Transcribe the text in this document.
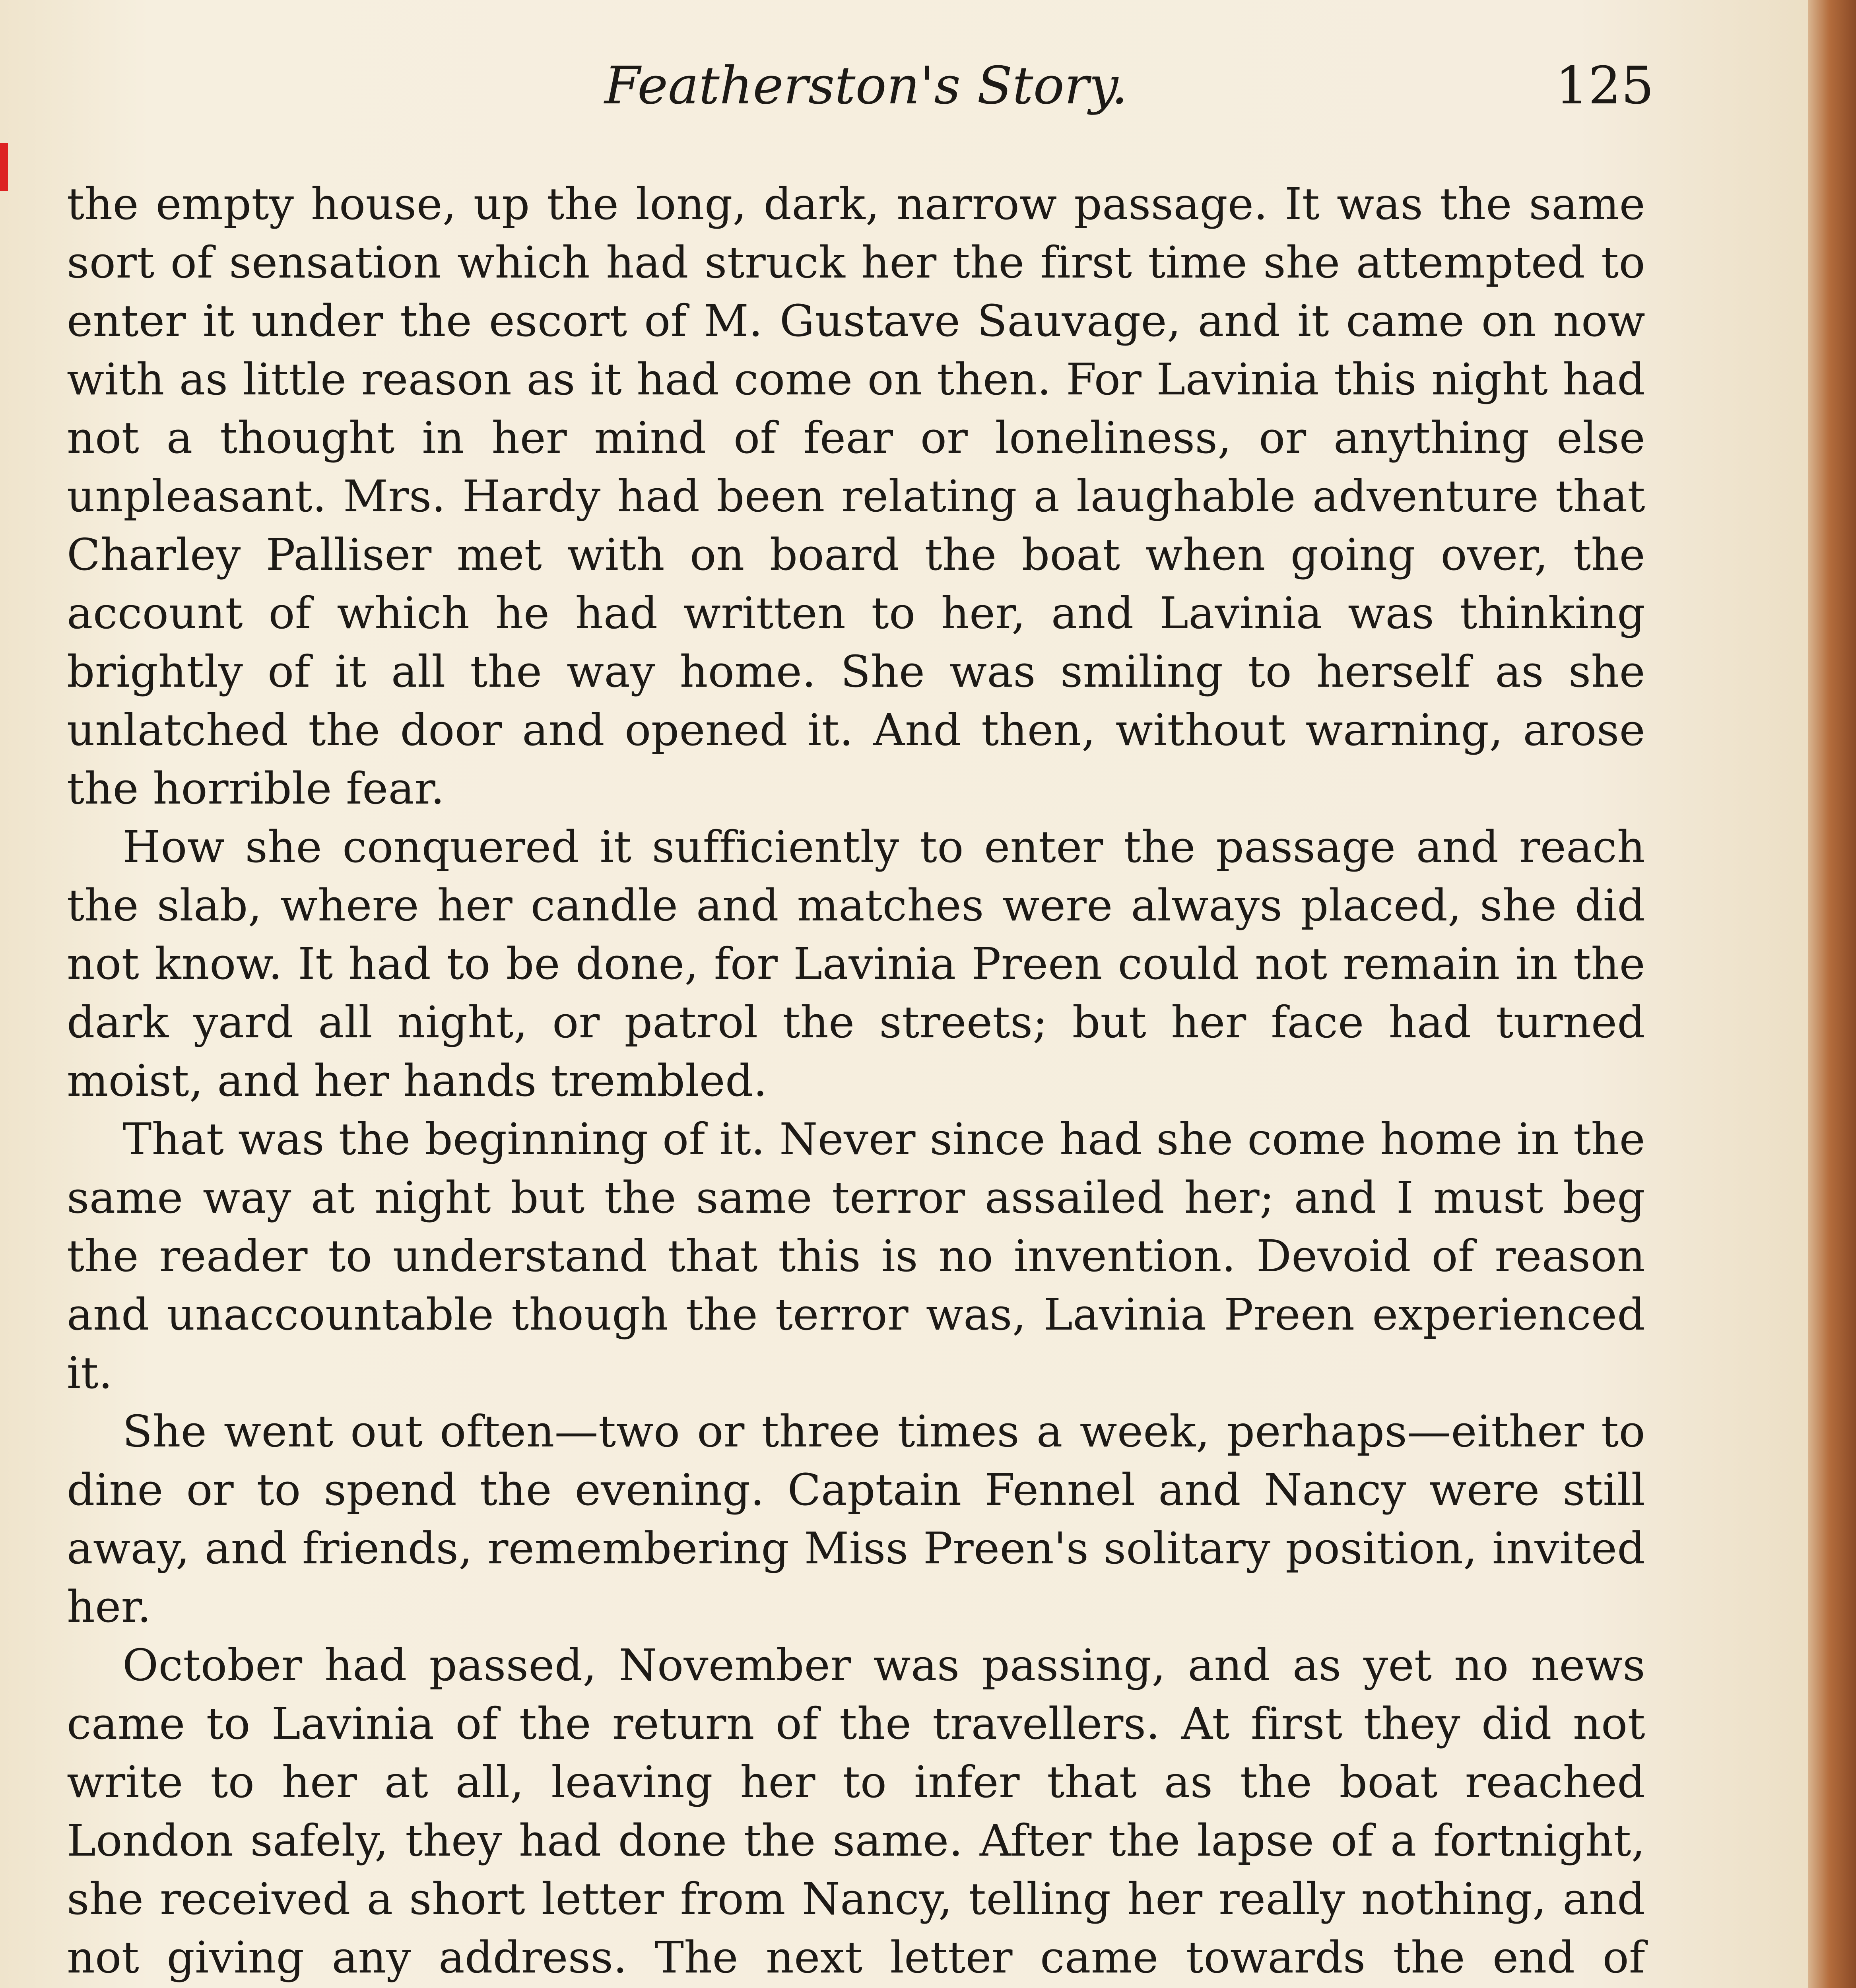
Featherston's Story.	125

the empty house, up the long, dark, narrow passage. It was the same sort of sensation which had struck her the first time she attempted to enter it under the escort of M. Gustave Sauvage, and it came on now with as little reason as it had come on then. For Lavinia this night had not a thought in her mind of fear or loneliness, or anything else unpleasant. Mrs. Hardy had been relating a laughable adventure that Charley Palliser met with on board the boat when going over, the account of which he had written to her, and Lavinia was thinking brightly of it all the way home. She was smiling to herself as she unlatched the door and opened it. And then, without warning, arose the horrible fear.

How she conquered it sufficiently to enter the passage and reach the slab, where her candle and matches were always placed, she did not know. It had to be done, for Lavinia Preen could not remain in the dark yard all night, or patrol the streets; but her face had turned moist, and her hands trembled.

That was the beginning of it. Never since had she come home in the same way at night but the same terror assailed her; and I must beg the reader to understand that this is no invention. Devoid of reason and unaccountable though the terror was, Lavinia Preen experienced it.

She went out often—two or three times a week, perhaps—either to dine or to spend the evening. Captain Fennel and Nancy were still away, and friends, remembering Miss Preen's solitary position, invited her.

October had passed, November was passing, and as yet no news came to Lavinia of the return of the travellers. At first they did not write to her at all, leaving her to infer that as the boat reached London safely, they had done the same. After the lapse of a fortnight, she received a short letter from Nancy, telling her really nothing, and not giving any address. The next letter came towards the end of
